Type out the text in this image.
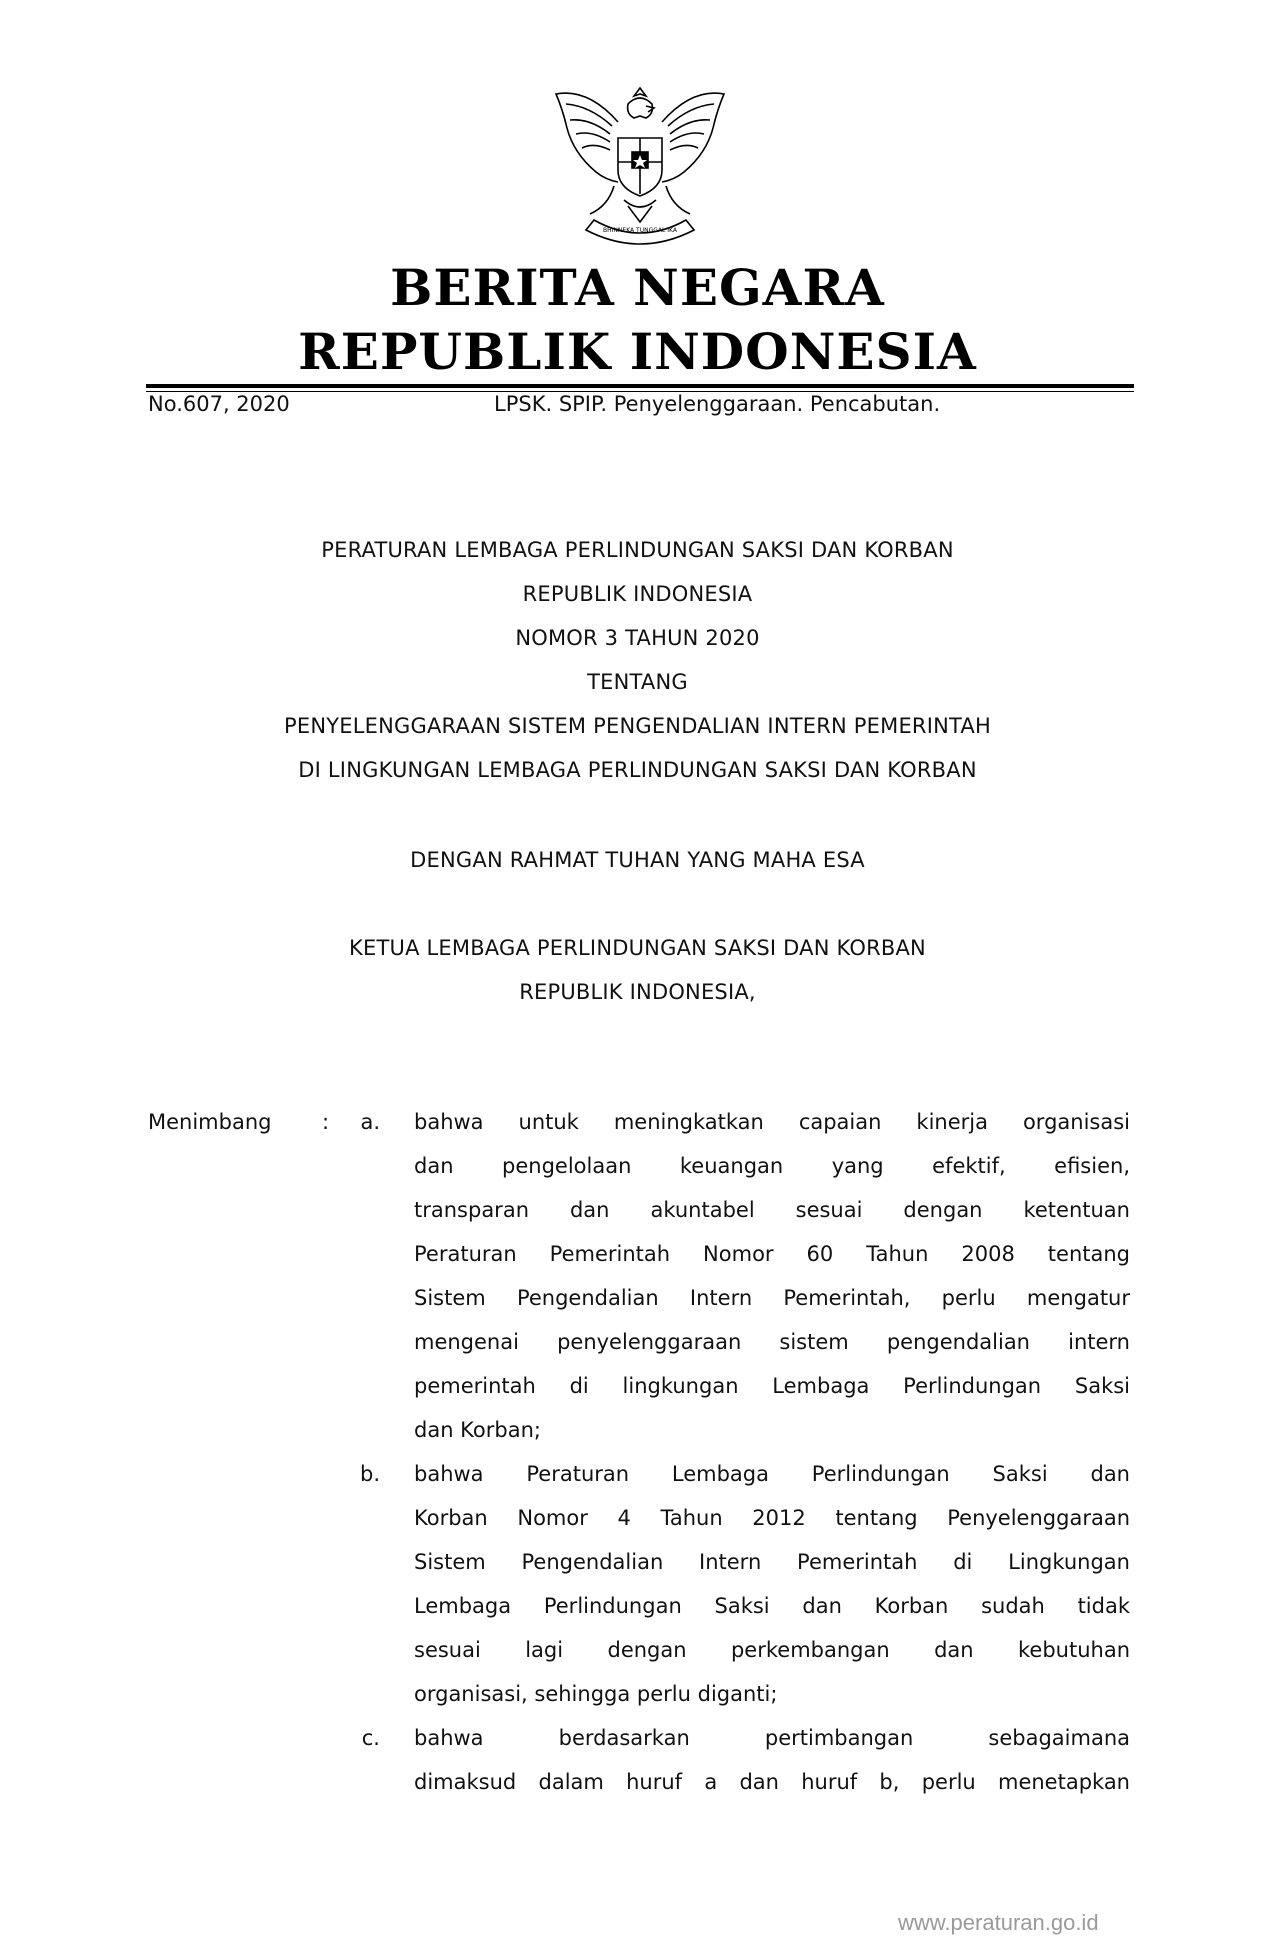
BHINNEKA TUNGGAL IKA
BERITA NEGARA
REPUBLIK INDONESIA
No.607, 2020	LPSK. SPIP. Penyelenggaraan. Pencabutan.
PERATURAN LEMBAGA PERLINDUNGAN SAKSI DAN KORBAN
REPUBLIK INDONESIA
NOMOR 3 TAHUN 2020
TENTANG
PENYELENGGARAAN SISTEM PENGENDALIAN INTERN PEMERINTAH
DI LINGKUNGAN LEMBAGA PERLINDUNGAN SAKSI DAN KORBAN
DENGAN RAHMAT TUHAN YANG MAHA ESA
KETUA LEMBAGA PERLINDUNGAN SAKSI DAN KORBAN
REPUBLIK INDONESIA,
Menimbang :	a. bahwa untuk meningkatkan capaian kinerja organisasi
dan pengelolaan keuangan yang efektif, efisien,
transparan dan akuntabel sesuai dengan ketentuan
Peraturan Pemerintah Nomor 60 Tahun 2008 tentang
Sistem Pengendalian Intern Pemerintah, perlu mengatur
mengenai penyelenggaraan sistem pengendalian intern
pemerintah di lingkungan Lembaga Perlindungan Saksi
dan Korban;
b. bahwa Peraturan Lembaga Perlindungan Saksi dan
Korban Nomor 4 Tahun 2012 tentang Penyelenggaraan
Sistem Pengendalian Intern Pemerintah di Lingkungan
Lembaga Perlindungan Saksi dan Korban sudah tidak
sesuai lagi dengan perkembangan dan kebutuhan
organisasi, sehingga perlu diganti;
c. bahwa berdasarkan pertimbangan sebagaimana
dimaksud dalam huruf a dan huruf b, perlu menetapkan
www.peraturan.go.id
